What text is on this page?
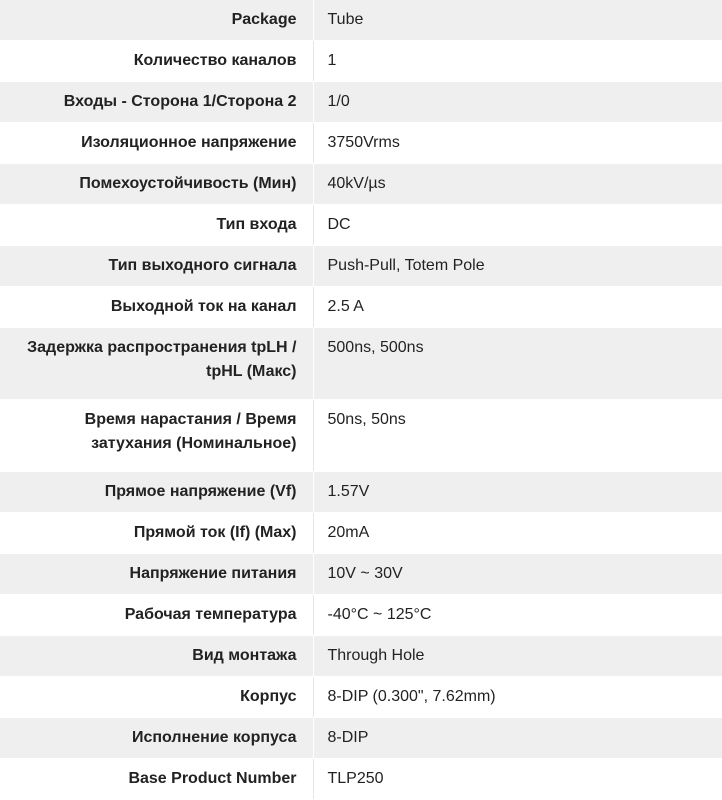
Package	Tube
Количество каналов	1
Входы - Сторона 1/Сторона 2	1/0
Изоляционное напряжение	3750Vrms
Помехоустойчивость (Мин)	40kV/µs
Тип входа	DC
Тип выходного сигнала	Push-Pull, Totem Pole
Выходной ток на канал	2.5 A
Задержка распространения tpLH / tpHL (Макс)	500ns, 500ns
Время нарастания / Время затухания (Номинальное)	50ns, 50ns
Прямое напряжение (Vf)	1.57V
Прямой ток (If) (Max)	20mA
Напряжение питания	10V ~ 30V
Рабочая температура	-40°C ~ 125°C
Вид монтажа	Through Hole
Корпус	8-DIP (0.300", 7.62mm)
Исполнение корпуса	8-DIP
Base Product Number	TLP250
